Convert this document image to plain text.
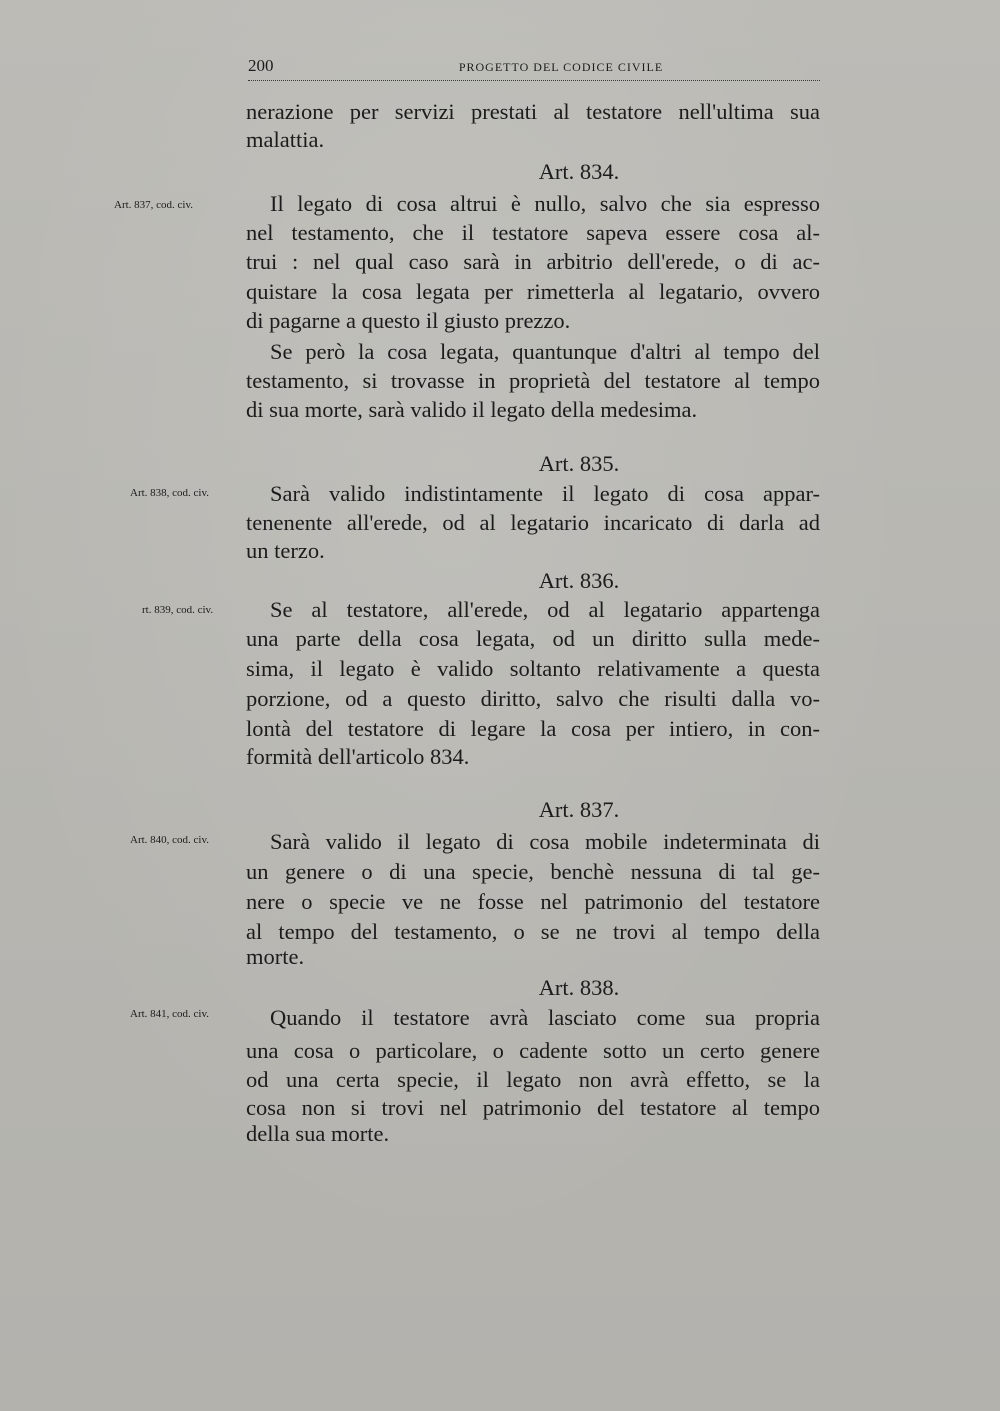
200	PROGETTO DEL CODICE CIVILE
nerazione per servizi prestati al testatore nell'ultima sua
malattia.
Art. 834.
Il legato di cosa altrui è nullo, salvo che sia espresso
nel testamento, che il testatore sapeva essere cosa al-
trui : nel qual caso sarà in arbitrio dell'erede, o di ac-
quistare la cosa legata per rimetterla al legatario, ovvero
di pagarne a questo il giusto prezzo.
Se però la cosa legata, quantunque d'altri al tempo del
testamento, si trovasse in proprietà del testatore al tempo
di sua morte, sarà valido il legato della medesima.
Art. 835.
Sarà valido indistintamente il legato di cosa appar-
tenenente all'erede, od al legatario incaricato di darla ad
un terzo.
Art. 836.
Se al testatore, all'erede, od al legatario appartenga
una parte della cosa legata, od un diritto sulla mede-
sima, il legato è valido soltanto relativamente a questa
porzione, od a questo diritto, salvo che risulti dalla vo-
lontà del testatore di legare la cosa per intiero, in con-
formità dell'articolo 834.
Art. 837.
Sarà valido il legato di cosa mobile indeterminata di
un genere o di una specie, benchè nessuna di tal ge-
nere o specie ve ne fosse nel patrimonio del testatore
al tempo del testamento, o se ne trovi al tempo della
morte.
Art. 838.
Quando il testatore avrà lasciato come sua propria
una cosa o particolare, o cadente sotto un certo genere
od una certa specie, il legato non avrà effetto, se la
cosa non si trovi nel patrimonio del testatore al tempo
della sua morte.
Art. 837, cod. civ.
Art. 838, cod. civ.
rt. 839, cod. civ.
Art. 840, cod. civ.
Art. 841, cod. civ.
